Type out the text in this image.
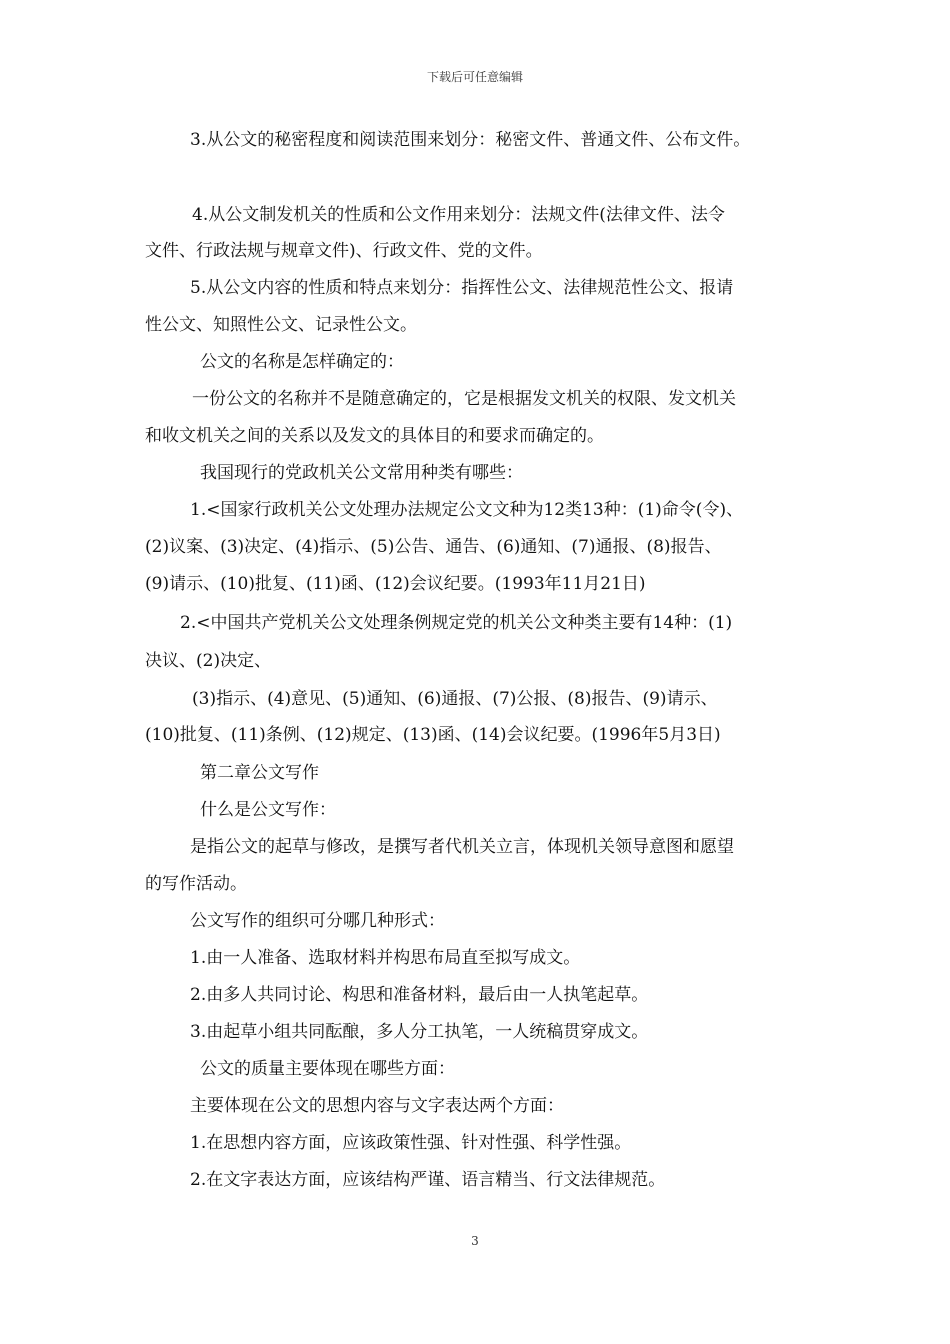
下载后可任意编辑
3.从公文的秘密程度和阅读范围来划分：秘密文件、普通文件、公布文件。
4.从公文制发机关的性质和公文作用来划分：法规文件(法律文件、法令
文件、行政法规与规章文件)、行政文件、党的文件。
5.从公文内容的性质和特点来划分：指挥性公文、法律规范性公文、报请
性公文、知照性公文、记录性公文。
公文的名称是怎样确定的：
一份公文的名称并不是随意确定的，它是根据发文机关的权限、发文机关
和收文机关之间的关系以及发文的具体目的和要求而确定的。
我国现行的党政机关公文常用种类有哪些：
1.<国家行政机关公文处理办法规定公文文种为12类13种：(1)命令(令)、
(2)议案、(3)决定、(4)指示、(5)公告、通告、(6)通知、(7)通报、(8)报告、
(9)请示、(10)批复、(11)函、(12)会议纪要。(1993年11月21日)
2.<中国共产党机关公文处理条例规定党的机关公文种类主要有14种：(1)
决议、(2)决定、
(3)指示、(4)意见、(5)通知、(6)通报、(7)公报、(8)报告、(9)请示、
(10)批复、(11)条例、(12)规定、(13)函、(14)会议纪要。(1996年5月3日)
第二章公文写作
什么是公文写作：
是指公文的起草与修改，是撰写者代机关立言，体现机关领导意图和愿望
的写作活动。
公文写作的组织可分哪几种形式：
1.由一人准备、选取材料并构思布局直至拟写成文。
2.由多人共同讨论、构思和准备材料，最后由一人执笔起草。
3.由起草小组共同酝酿，多人分工执笔，一人统稿贯穿成文。
公文的质量主要体现在哪些方面：
主要体现在公文的思想内容与文字表达两个方面：
1.在思想内容方面，应该政策性强、针对性强、科学性强。
2.在文字表达方面，应该结构严谨、语言精当、行文法律规范。
3
